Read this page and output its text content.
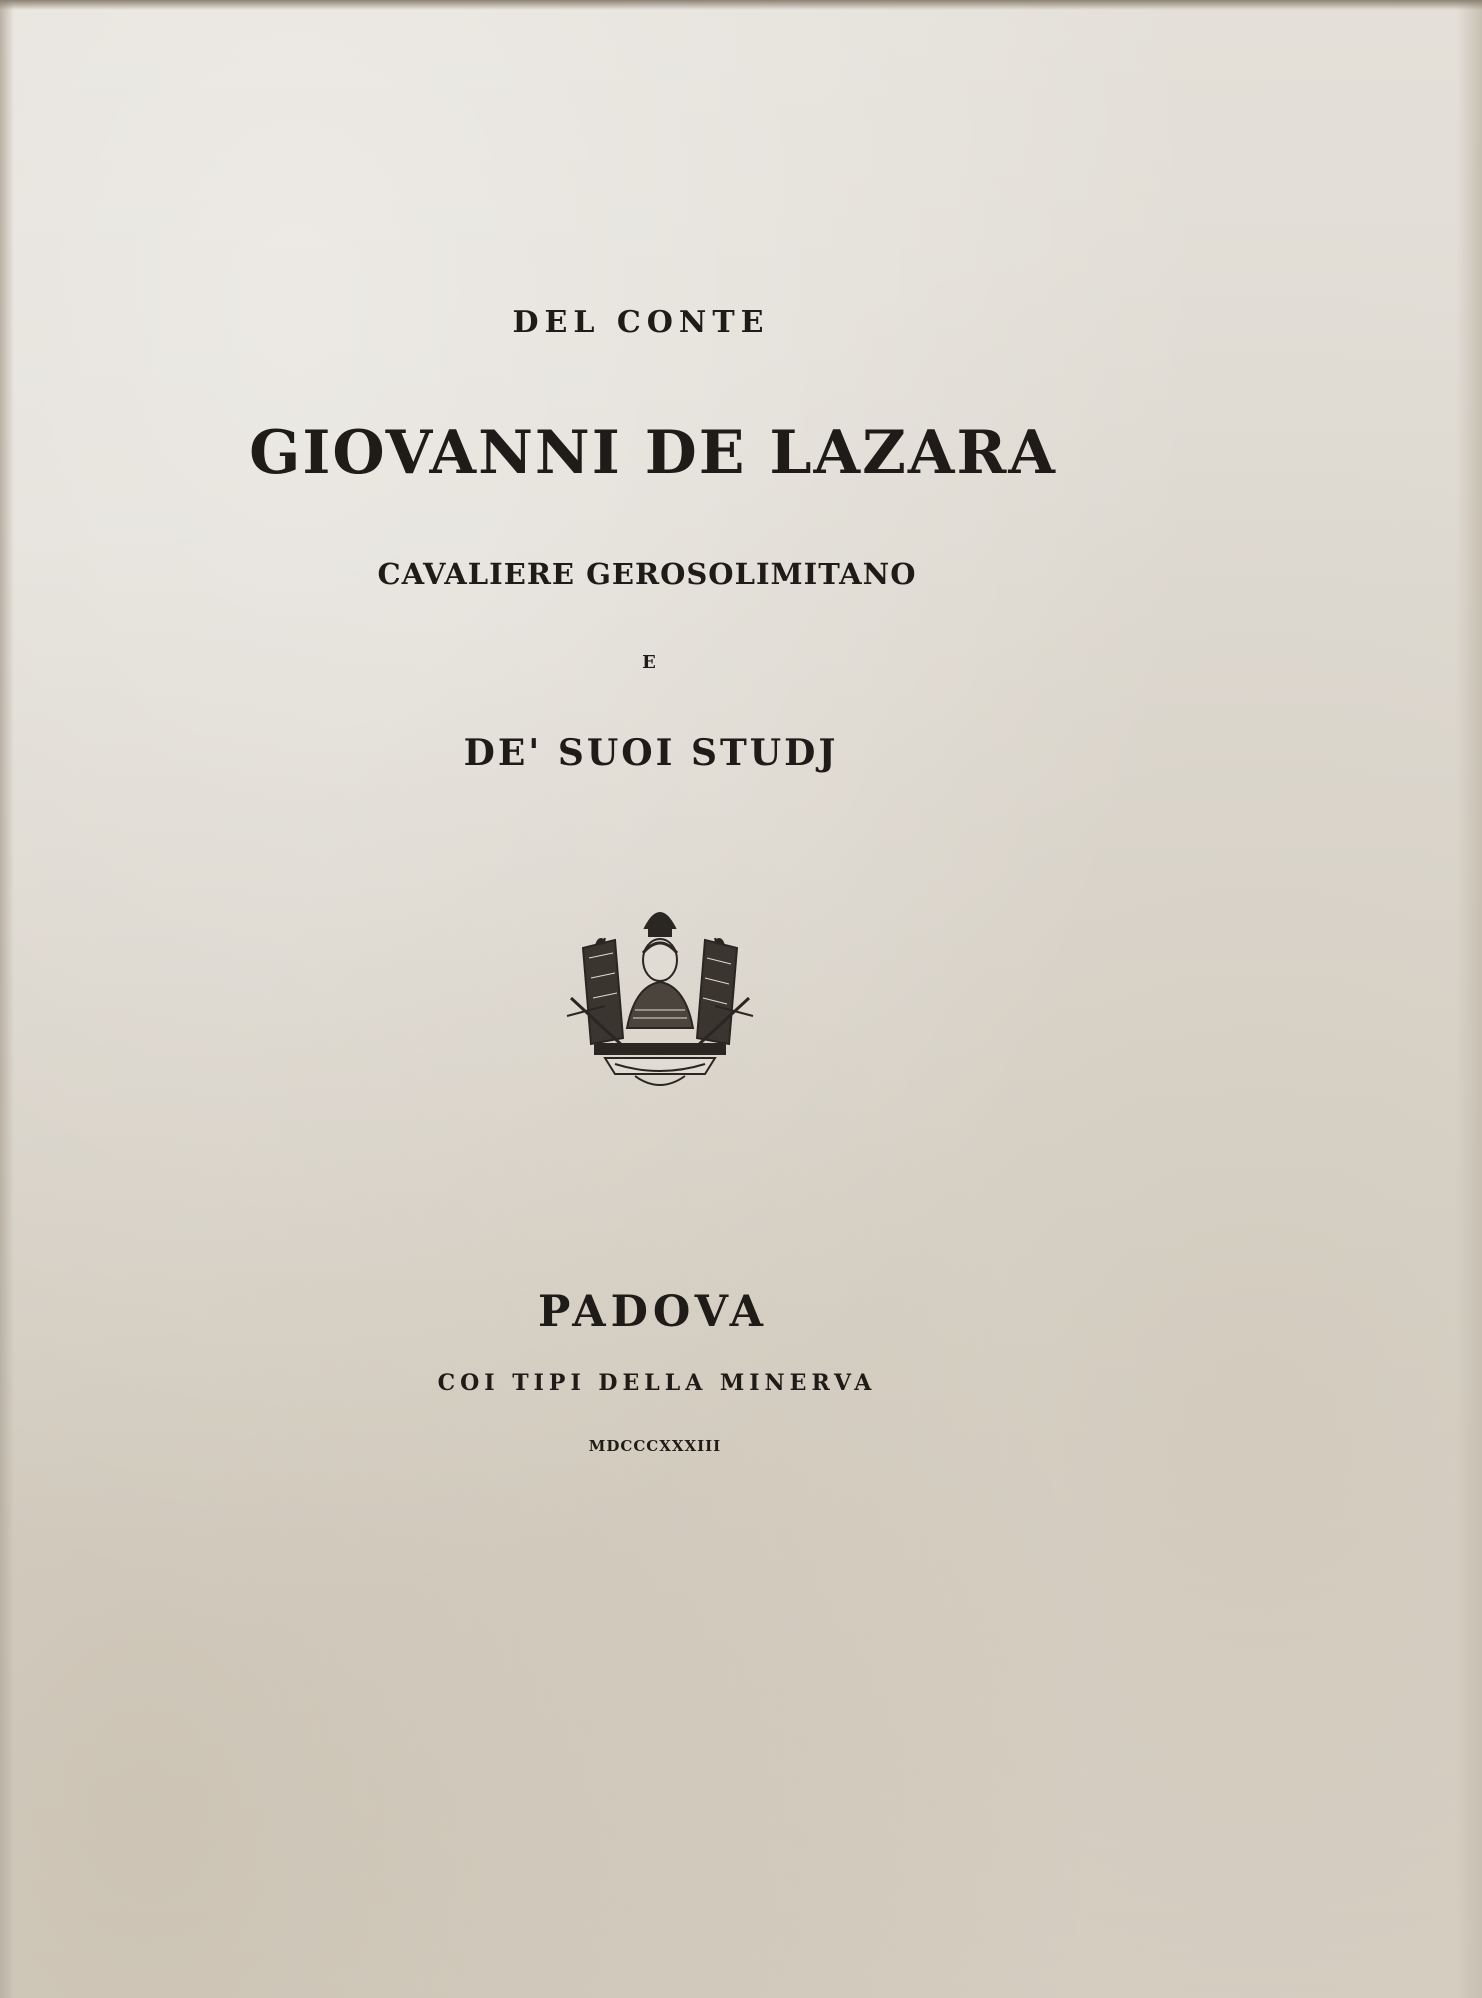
DEL CONTE
GIOVANNI DE LAZARA
CAVALIERE GEROSOLIMITANO
E
DE' SUOI STUDJ
PADOVA
COI TIPI DELLA MINERVA
MDCCCXXXIII
